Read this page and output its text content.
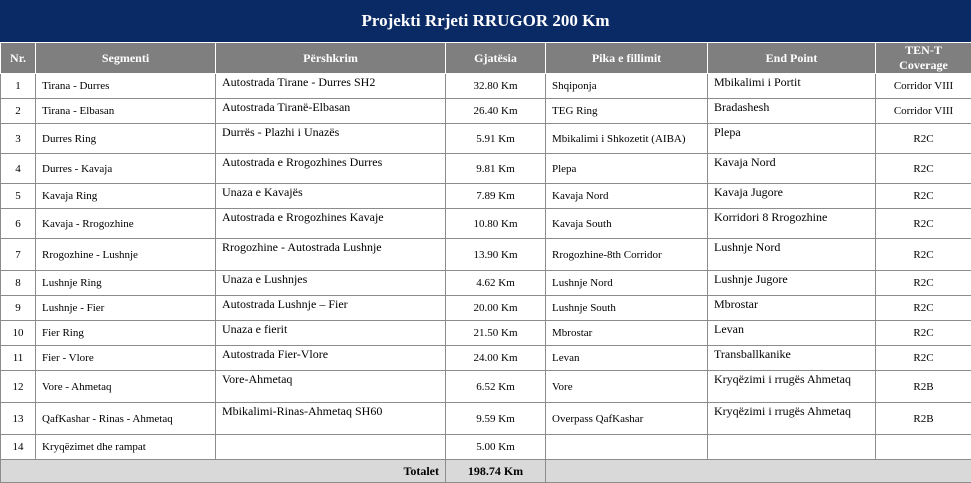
Projekti Rrjeti RRUGOR 200 Km
Nr.	Segmenti	Përshkrim	Gjatësia	Pika e fillimit	End Point	TEN-T Coverage
1	Tirana - Durres	Autostrada Tirane - Durres SH2	32.80 Km	Shqiponja	Mbikalimi i Portit	Corridor VIII
2	Tirana - Elbasan	Autostrada Tiranë-Elbasan	26.40 Km	TEG Ring	Bradashesh	Corridor VIII
3	Durres Ring	Durrës - Plazhi i Unazës	5.91 Km	Mbikalimi i Shkozetit (AIBA)	Plepa	R2C
4	Durres - Kavaja	Autostrada e Rrogozhines Durres	9.81 Km	Plepa	Kavaja Nord	R2C
5	Kavaja Ring	Unaza e Kavajës	7.89 Km	Kavaja Nord	Kavaja Jugore	R2C
6	Kavaja - Rrogozhine	Autostrada e Rrogozhines Kavaje	10.80 Km	Kavaja South	Korridori 8 Rrogozhine	R2C
7	Rrogozhine - Lushnje	Rrogozhine - Autostrada Lushnje	13.90 Km	Rrogozhine-8th Corridor	Lushnje Nord	R2C
8	Lushnje Ring	Unaza e Lushnjes	4.62 Km	Lushnje Nord	Lushnje Jugore	R2C
9	Lushnje - Fier	Autostrada Lushnje – Fier	20.00 Km	Lushnje South	Mbrostar	R2C
10	Fier Ring	Unaza e fierit	21.50 Km	Mbrostar	Levan	R2C
11	Fier - Vlore	Autostrada Fier-Vlore	24.00 Km	Levan	Transballkanike	R2C
12	Vore - Ahmetaq	Vore-Ahmetaq	6.52 Km	Vore	Kryqëzimi i rrugës Ahmetaq	R2B
13	QafKashar - Rinas - Ahmetaq	Mbikalimi-Rinas-Ahmetaq SH60	9.59 Km	Overpass QafKashar	Kryqëzimi i rrugës Ahmetaq	R2B
14	Kryqëzimet dhe rampat		5.00 Km			
Totalet			198.74 Km			
